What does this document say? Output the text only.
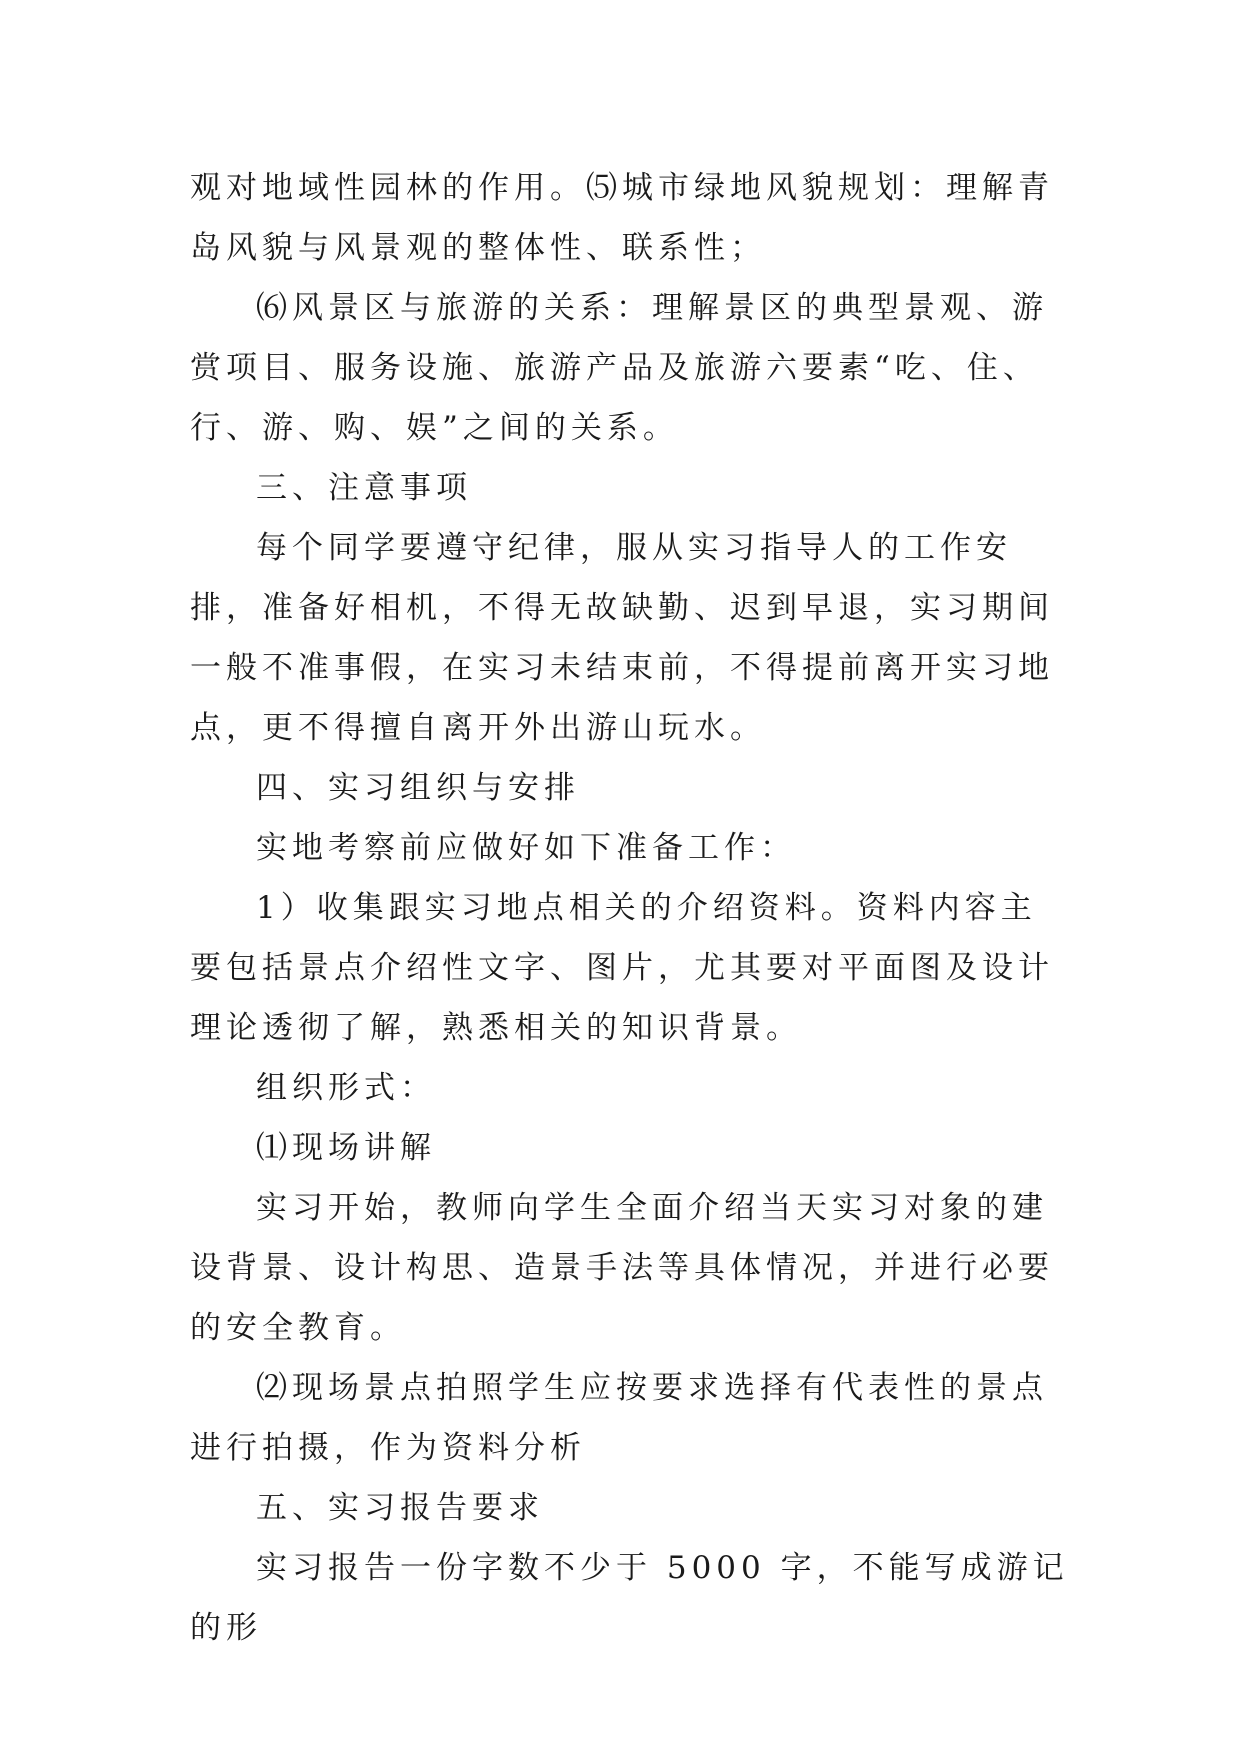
观对地域性园林的作用。⑸城市绿地风貌规划：理解青岛风貌与风景观的整体性、联系性；

⑹风景区与旅游的关系：理解景区的典型景观、游赏项目、服务设施、旅游产品及旅游六要素“吃、住、行、游、购、娱”之间的关系。

三、注意事项

每个同学要遵守纪律，服从实习指导人的工作安排，准备好相机，不得无故缺勤、迟到早退，实习期间一般不准事假，在实习未结束前，不得提前离开实习地点，更不得擅自离开外出游山玩水。

四、实习组织与安排

实地考察前应做好如下准备工作：

1）收集跟实习地点相关的介绍资料。资料内容主要包括景点介绍性文字、图片，尤其要对平面图及设计理论透彻了解，熟悉相关的知识背景。

组织形式：

⑴现场讲解

实习开始，教师向学生全面介绍当天实习对象的建设背景、设计构思、造景手法等具体情况，并进行必要的安全教育。

⑵现场景点拍照学生应按要求选择有代表性的景点进行拍摄，作为资料分析

五、实习报告要求

实习报告一份字数不少于 5000 字，不能写成游记的形
